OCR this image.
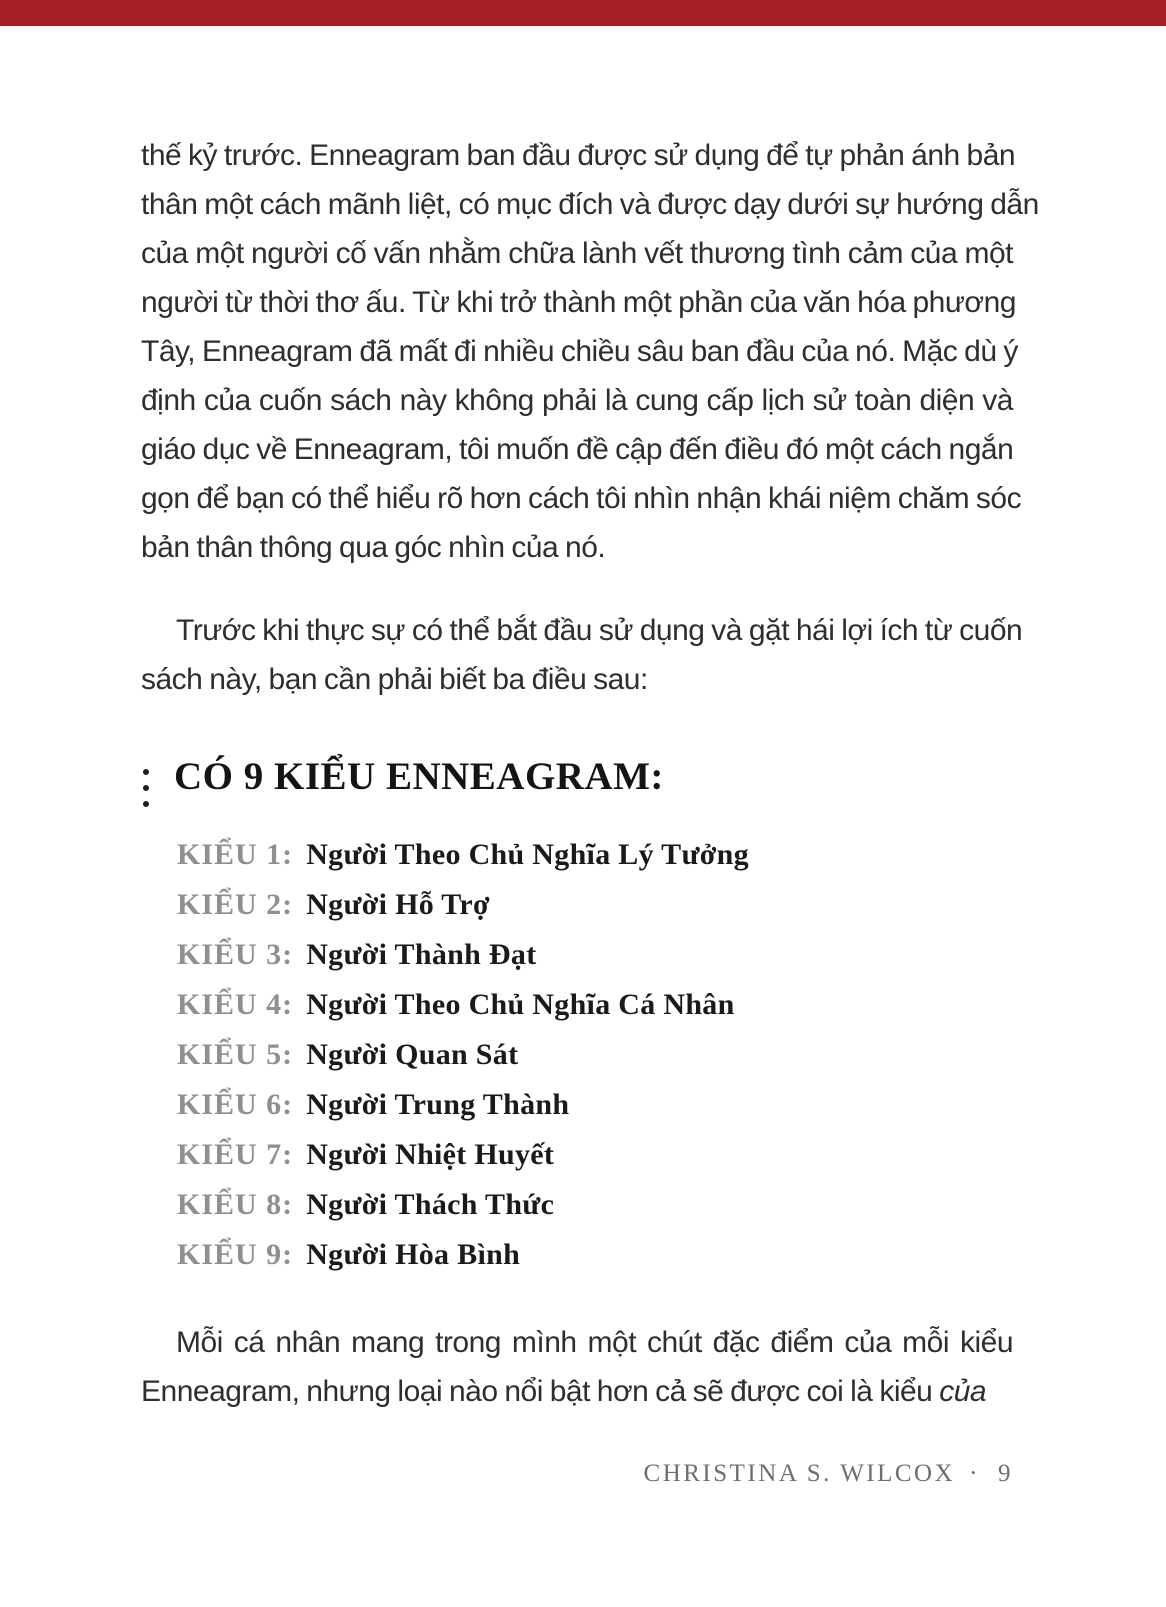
thế kỷ trước. Enneagram ban đầu được sử dụng để tự phản ánh bản
thân một cách mãnh liệt, có mục đích và được dạy dưới sự hướng dẫn
của một người cố vấn nhằm chữa lành vết thương tình cảm của một
người từ thời thơ ấu. Từ khi trở thành một phần của văn hóa phương
Tây, Enneagram đã mất đi nhiều chiều sâu ban đầu của nó. Mặc dù ý
định của cuốn sách này không phải là cung cấp lịch sử toàn diện và
giáo dục về Enneagram, tôi muốn đề cập đến điều đó một cách ngắn
gọn để bạn có thể hiểu rõ hơn cách tôi nhìn nhận khái niệm chăm sóc
bản thân thông qua góc nhìn của nó.
Trước khi thực sự có thể bắt đầu sử dụng và gặt hái lợi ích từ cuốn
sách này, bạn cần phải biết ba điều sau:
CÓ 9 KIỂU ENNEAGRAM:
KIỂU 1: Người Theo Chủ Nghĩa Lý Tưởng
KIỂU 2: Người Hỗ Trợ
KIỂU 3: Người Thành Đạt
KIỂU 4: Người Theo Chủ Nghĩa Cá Nhân
KIỂU 5: Người Quan Sát
KIỂU 6: Người Trung Thành
KIỂU 7: Người Nhiệt Huyết
KIỂU 8: Người Thách Thức
KIỂU 9: Người Hòa Bình
Mỗi cá nhân mang trong mình một chút đặc điểm của mỗi kiểu
Enneagram, nhưng loại nào nổi bật hơn cả sẽ được coi là kiểu của
CHRISTINA S. WILCOX · 9
